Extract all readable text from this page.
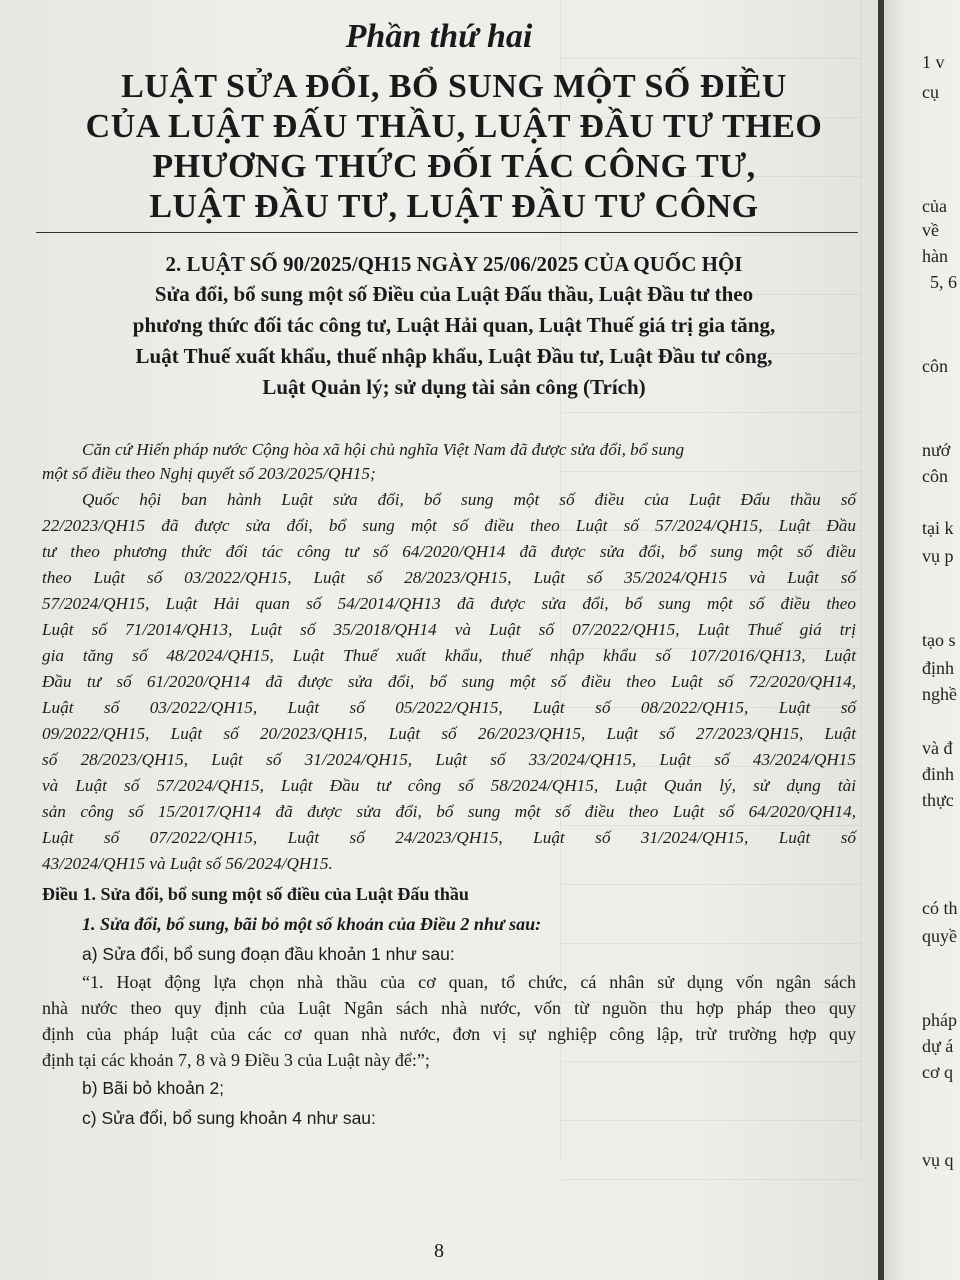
Phần thứ hai
LUẬT SỬA ĐỔI, BỔ SUNG MỘT SỐ ĐIỀU
CỦA LUẬT ĐẤU THẦU, LUẬT ĐẦU TƯ THEO
PHƯƠNG THỨC ĐỐI TÁC CÔNG TƯ,
LUẬT ĐẦU TƯ, LUẬT ĐẦU TƯ CÔNG
2. LUẬT SỐ 90/2025/QH15 NGÀY 25/06/2025 CỦA QUỐC HỘI
Sửa đổi, bổ sung một số Điều của Luật Đấu thầu, Luật Đầu tư theo
phương thức đối tác công tư, Luật Hải quan, Luật Thuế giá trị gia tăng,
Luật Thuế xuất khẩu, thuế nhập khẩu, Luật Đầu tư, Luật Đầu tư công,
Luật Quản lý; sử dụng tài sản công (Trích)
Căn cứ Hiến pháp nước Cộng hòa xã hội chủ nghĩa Việt Nam đã được sửa đổi, bổ sung
một số điều theo Nghị quyết số 203/2025/QH15;
Quốc hội ban hành Luật sửa đổi, bổ sung một số điều của Luật Đấu thầu số
22/2023/QH15 đã được sửa đổi, bổ sung một số điều theo Luật số 57/2024/QH15, Luật Đầu
tư theo phương thức đối tác công tư số 64/2020/QH14 đã được sửa đổi, bổ sung một số điều
theo Luật số 03/2022/QH15, Luật số 28/2023/QH15, Luật số 35/2024/QH15 và Luật số
57/2024/QH15, Luật Hải quan số 54/2014/QH13 đã được sửa đổi, bổ sung một số điều theo
Luật số 71/2014/QH13, Luật số 35/2018/QH14 và Luật số 07/2022/QH15, Luật Thuế giá trị
gia tăng số 48/2024/QH15, Luật Thuế xuất khẩu, thuế nhập khẩu số 107/2016/QH13, Luật
Đầu tư số 61/2020/QH14 đã được sửa đổi, bổ sung một số điều theo Luật số 72/2020/QH14,
Luật số 03/2022/QH15, Luật số 05/2022/QH15, Luật số 08/2022/QH15, Luật số
09/2022/QH15, Luật số 20/2023/QH15, Luật số 26/2023/QH15, Luật số 27/2023/QH15, Luật
số 28/2023/QH15, Luật số 31/2024/QH15, Luật số 33/2024/QH15, Luật số 43/2024/QH15
và Luật số 57/2024/QH15, Luật Đầu tư công số 58/2024/QH15, Luật Quản lý, sử dụng tài
sản công số 15/2017/QH14 đã được sửa đổi, bổ sung một số điều theo Luật số 64/2020/QH14,
Luật số 07/2022/QH15, Luật số 24/2023/QH15, Luật số 31/2024/QH15, Luật số
43/2024/QH15 và Luật số 56/2024/QH15.
Điều 1. Sửa đổi, bổ sung một số điều của Luật Đấu thầu
1. Sửa đổi, bổ sung, bãi bỏ một số khoản của Điều 2 như sau:
a) Sửa đổi, bổ sung đoạn đầu khoản 1 như sau:
“1. Hoạt động lựa chọn nhà thầu của cơ quan, tổ chức, cá nhân sử dụng vốn ngân sách
nhà nước theo quy định của Luật Ngân sách nhà nước, vốn từ nguồn thu hợp pháp theo quy
định của pháp luật của các cơ quan nhà nước, đơn vị sự nghiệp công lập, trừ trường hợp quy
định tại các khoản 7, 8 và 9 Điều 3 của Luật này để:”;
b) Bãi bỏ khoản 2;
c) Sửa đổi, bổ sung khoản 4 như sau:
8
1 v
cụ
của
về
hàn
5, 6
côn
nướ
côn
tại k
vụ p
tạo s
định
nghề
và đ
đinh
thực
có th
quyề
pháp
dự á
cơ q
vụ q
